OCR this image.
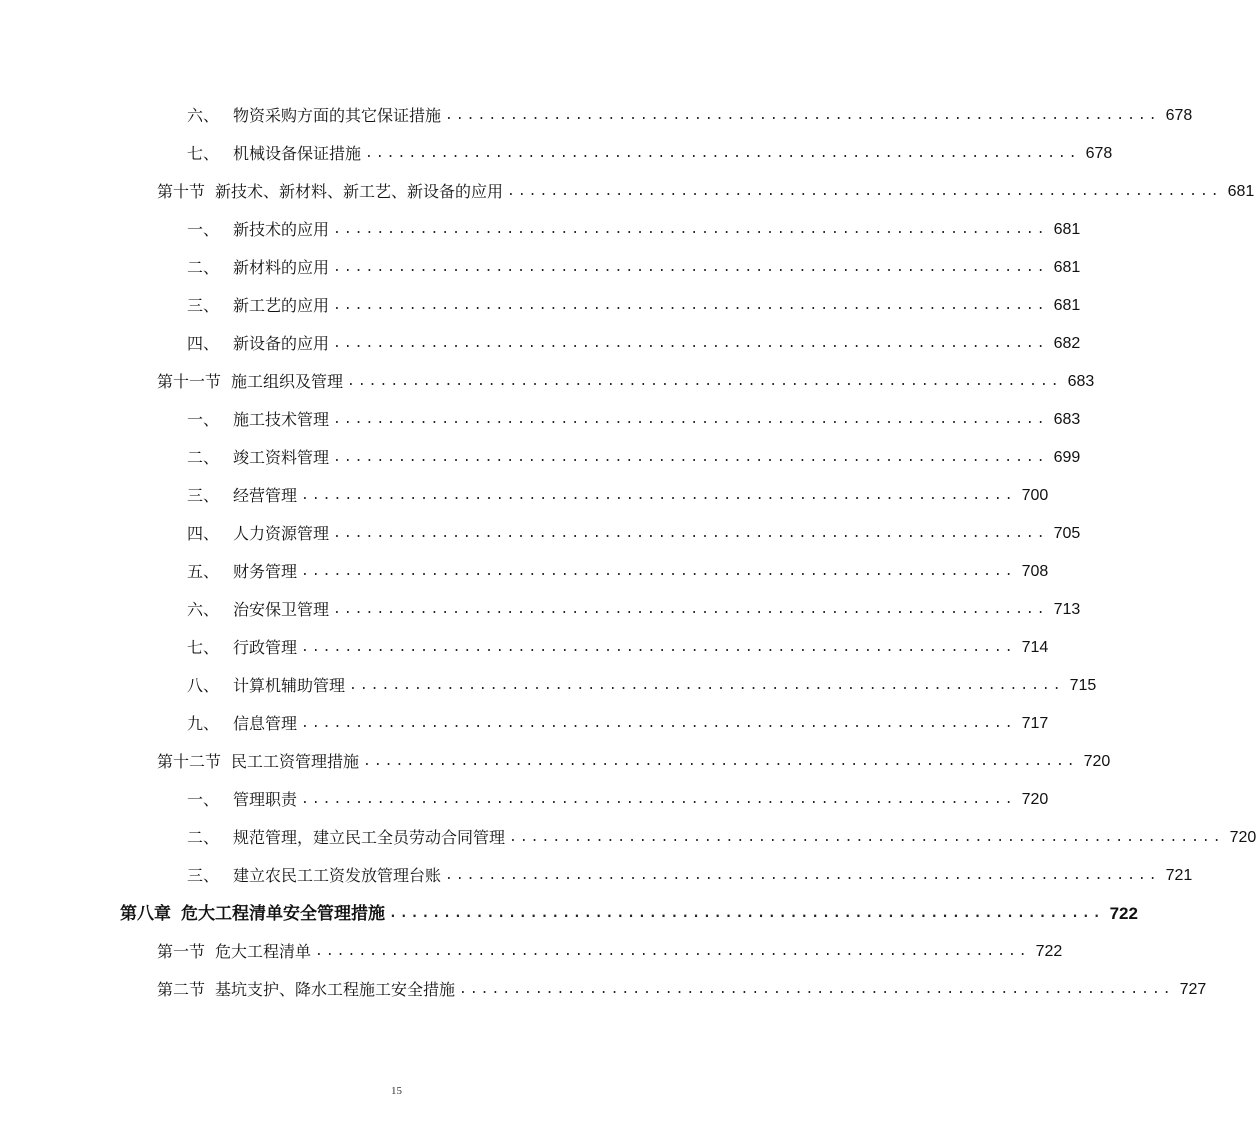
六、 物资采购方面的其它保证措施 .................................................................. 678
七、 机械设备保证措施 .................................................................. 678
第十节 新技术、新材料、新工艺、新设备的应用 .................................................................. 681
一、 新技术的应用 .................................................................. 681
二、 新材料的应用 .................................................................. 681
三、 新工艺的应用 .................................................................. 681
四、 新设备的应用 .................................................................. 682
第十一节 施工组织及管理 .................................................................. 683
一、 施工技术管理 .................................................................. 683
二、 竣工资料管理 .................................................................. 699
三、 经营管理 .................................................................. 700
四、 人力资源管理 .................................................................. 705
五、 财务管理 .................................................................. 708
六、 治安保卫管理 .................................................................. 713
七、 行政管理 .................................................................. 714
八、 计算机辅助管理 .................................................................. 715
九、 信息管理 .................................................................. 717
第十二节 民工工资管理措施 .................................................................. 720
一、 管理职责 .................................................................. 720
二、 规范管理，建立民工全员劳动合同管理 .................................................................. 720
三、 建立农民工工资发放管理台账 .................................................................. 721
第八章 危大工程清单安全管理措施 .................................................................. 722
第一节 危大工程清单 .................................................................. 722
第二节 基坑支护、降水工程施工安全措施 .................................................................. 727
15
